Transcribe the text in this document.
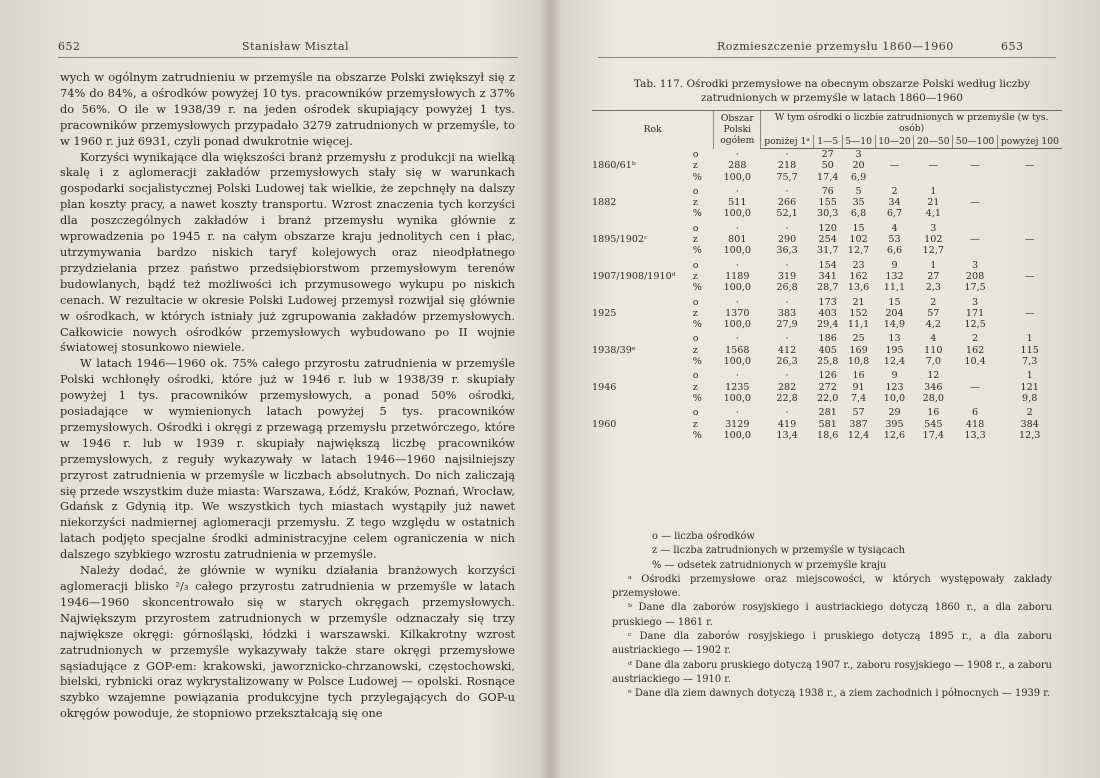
652	Stanisław Misztal

wych w ogólnym zatrudnieniu w przemyśle na obszarze Polski zwiększył się z 74% do 84%, a ośrodków powyżej 10 tys. pracowników przemysłowych z 37% do 56%. O ile w 1938/39 r. na jeden ośrodek skupiający powyżej 1 tys. pracowników przemysłowych przypadało 3279 zatrudnionych w przemyśle, to w 1960 r. już 6931, czyli ponad dwukrotnie więcej.

Korzyści wynikające dla większości branż przemysłu z produkcji na wielką skalę i z aglomeracji zakładów przemysłowych stały się w warunkach gospodarki socjalistycznej Polski Ludowej tak wielkie, że zepchnęły na dalszy plan koszty pracy, a nawet koszty transportu. Wzrost znaczenia tych korzyści dla poszczególnych zakładów i branż przemysłu wynika głównie z wprowadzenia po 1945 r. na całym obszarze kraju jednolitych cen i płac, utrzymywania bardzo niskich taryf kolejowych oraz nieodpłatnego przydzielania przez państwo przedsiębiorstwom przemysłowym terenów budowlanych, bądź też możliwości ich przymusowego wykupu po niskich cenach. W rezultacie w okresie Polski Ludowej przemysł rozwijał się głównie w ośrodkach, w których istniały już zgrupowania zakładów przemysłowych. Całkowicie nowych ośrodków przemysłowych wybudowano po II wojnie światowej stosunkowo niewiele.

W latach 1946—1960 ok. 75% całego przyrostu zatrudnienia w przemyśle Polski wchłonęły ośrodki, które już w 1946 r. lub w 1938/39 r. skupiały powyżej 1 tys. pracowników przemysłowych, a ponad 50% ośrodki, posiadające w wymienionych latach powyżej 5 tys. pracowników przemysłowych. Ośrodki i okręgi z przewagą przemysłu przetwórczego, które w 1946 r. lub w 1939 r. skupiały największą liczbę pracowników przemysłowych, z reguły wykazywały w latach 1946—1960 najsilniejszy przyrost zatrudnienia w przemyśle w liczbach absolutnych. Do nich zaliczają się przede wszystkim duże miasta: Warszawa, Łódź, Kraków, Poznań, Wrocław, Gdańsk z Gdynią itp. We wszystkich tych miastach wystąpiły już nawet niekorzyści nadmiernej aglomeracji przemysłu. Z tego względu w ostatnich latach podjęto specjalne środki administracyjne celem ograniczenia w nich dalszego szybkiego wzrostu zatrudnienia w przemyśle.

Należy dodać, że głównie w wyniku działania branżowych korzyści aglomeracji blisko ²/₃ całego przyrostu zatrudnienia w przemyśle w latach 1946—1960 skoncentrowało się w starych okręgach przemysłowych. Największym przyrostem zatrudnionych w przemyśle odznaczały się trzy największe okręgi: górnośląski, łódzki i warszawski. Kilkakrotny wzrost zatrudnionych w przemyśle wykazywały także stare okręgi przemysłowe sąsiadujące z GOP-em: krakowski, jaworznicko-chrzanowski, częstochowski, bielski, rybnicki oraz wykrystalizowany w Polsce Ludowej — opolski. Rosnące szybko wzajemne powiązania produkcyjne tych przylegających do GOP-u okręgów powoduje, że stopniowo przekształcają się one

Rozmieszczenie przemysłu 1860—1960	653
Tab. 117. Ośrodki przemysłowe na obecnym obszarze Polski według liczby zatrudnionych w przemyśle w latach 1860—1960
Rok		Obszar Polski ogółem	W tym ośrodki o liczbie zatrudnionych w przemyśle (w tys. osób)						

			poniżej 1ᵃ	1—5	5—10	10—20	20—50	50—100	powyżej 100
	o	·	·	27	3				
1860/61ᵇ	z	288	218	50	20	—	—	—	—
	%	100,0	75,7	17,4	6,9				

	o	·	·	76	5	2	1		
1882	z	511	266	155	35	34	21	—	
	%	100,0	52,1	30,3	6,8	6,7	4,1		

	o	·	·	120	15	4	3		
1895/1902ᶜ	z	801	290	254	102	53	102	—	—
	%	100,0	36,3	31,7	12,7	6,6	12,7		

	o	·	·	154	23	9	1	3	
1907/1908/1910ᵈ	z	1189	319	341	162	132	27	208	—
	%	100,0	26,8	28,7	13,6	11,1	2,3	17,5	

	o	·	·	173	21	15	2	3	
1925	z	1370	383	403	152	204	57	171	—
	%	100,0	27,9	29,4	11,1	14,9	4,2	12,5	

	o	·	·	186	25	13	4	2	1
1938/39ᵉ	z	1568	412	405	169	195	110	162	115
	%	100,0	26,3	25,8	10,8	12,4	7,0	10,4	7,3

	o	·	·	126	16	9	12		1
1946	z	1235	282	272	91	123	346	—	121
	%	100,0	22,8	22,0	7,4	10,0	28,0		9,8

	o	·	·	281	57	29	16	6	2
1960	z	3129	419	581	387	395	545	418	384
	%	100,0	13,4	18,6	12,4	12,6	17,4	13,3	12,3
o — liczba ośrodków
z — liczba zatrudnionych w przemyśle w tysiącach
% — odsetek zatrudnionych w przemyśle kraju
ᵃ Ośrodki przemysłowe oraz miejscowości, w których występowały zakłady przemysłowe.
ᵇ Dane dla zaborów rosyjskiego i austriackiego dotyczą 1860 r., a dla zaboru pruskiego — 1861 r.
ᶜ Dane dla zaborów rosyjskiego i pruskiego dotyczą 1895 r., a dla zaboru austriackiego — 1902 r.
ᵈ Dane dla zaboru pruskiego dotyczą 1907 r., zaboru rosyjskiego — 1908 r., a zaboru austriackiego — 1910 r.
ᵉ Dane dla ziem dawnych dotyczą 1938 r., a ziem zachodnich i północnych — 1939 r.
